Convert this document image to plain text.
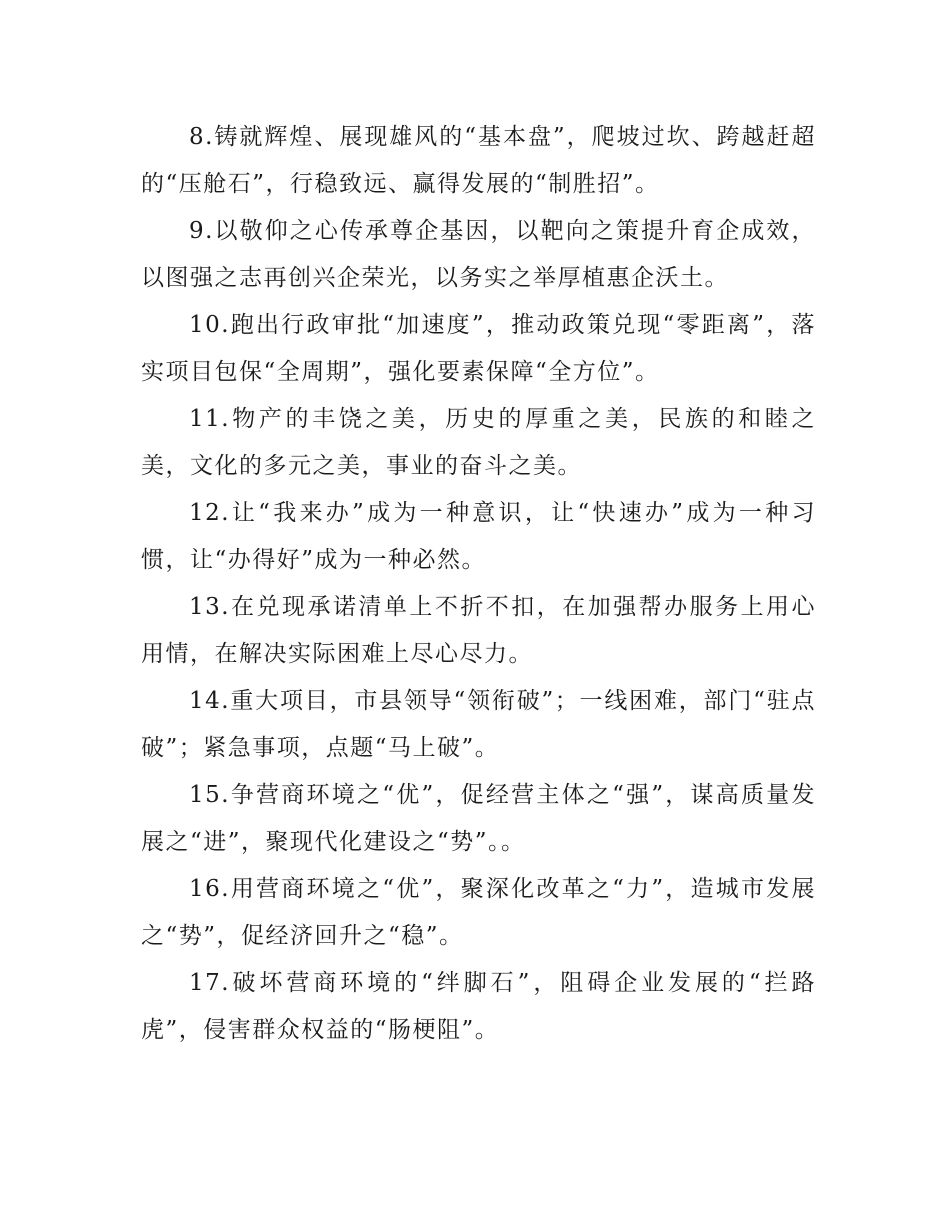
8.铸就辉煌、展现雄风的“基本盘”，爬坡过坎、跨越赶超的“压舱石”，行稳致远、赢得发展的“制胜招”。

9.以敬仰之心传承尊企基因，以靶向之策提升育企成效，以图强之志再创兴企荣光，以务实之举厚植惠企沃土。

10.跑出行政审批“加速度”，推动政策兑现“零距离”，落实项目包保“全周期”，强化要素保障“全方位”。

11.物产的丰饶之美，历史的厚重之美，民族的和睦之美，文化的多元之美，事业的奋斗之美。

12.让“我来办”成为一种意识，让“快速办”成为一种习惯，让“办得好”成为一种必然。

13.在兑现承诺清单上不折不扣，在加强帮办服务上用心用情，在解决实际困难上尽心尽力。

14.重大项目，市县领导“领衔破”；一线困难，部门“驻点破”；紧急事项，点题“马上破”。

15.争营商环境之“优”，促经营主体之“强”，谋高质量发展之“进”，聚现代化建设之“势”。。

16.用营商环境之“优”，聚深化改革之“力”，造城市发展之“势”，促经济回升之“稳”。

17.破坏营商环境的“绊脚石”，阻碍企业发展的“拦路虎”，侵害群众权益的“肠梗阻”。
